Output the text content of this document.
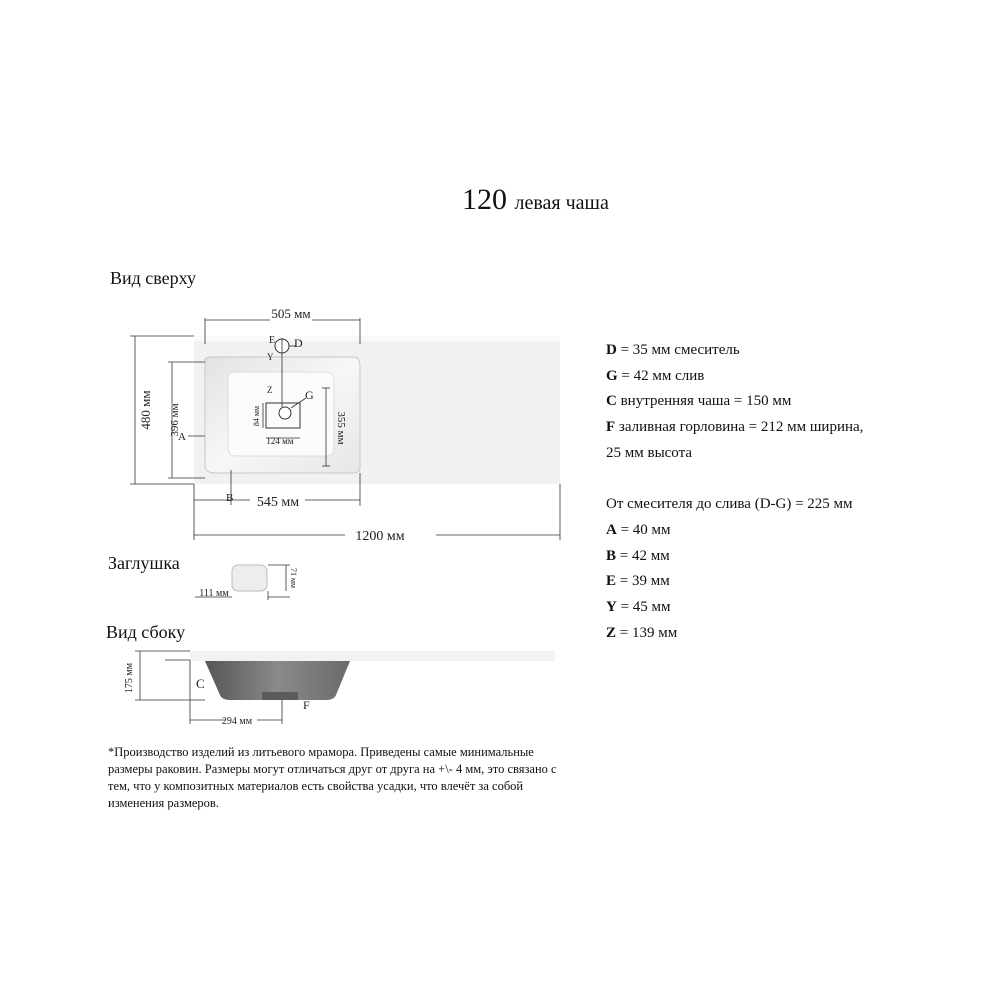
120 левая чаша
Вид сверху
Заглушка
Вид сбоку
505 мм
480 мм 396 мм	355 мм
124 мм
84 мм
545 мм
1200 мм
A
B
D
E
Y
Z	G
111 мм
71 мм
175 мм
294 мм
C
F
D = 35 мм смеситель
G = 42 мм слив
C внутренняя чаша = 150 мм
F заливная горловина = 212 мм ширина,
25 мм высота
От смесителя до слива (D-G) = 225 мм
A = 40 мм
B = 42 мм
E = 39 мм
Y = 45 мм
Z = 139 мм
*Производство изделий из литьевого мрамора. Приведены самые минимальные размеры раковин. Размеры могут отличаться друг от друга на +\- 4 мм, это связано с тем, что у композитных материалов есть свойства усадки, что влечёт за собой изменения размеров.
